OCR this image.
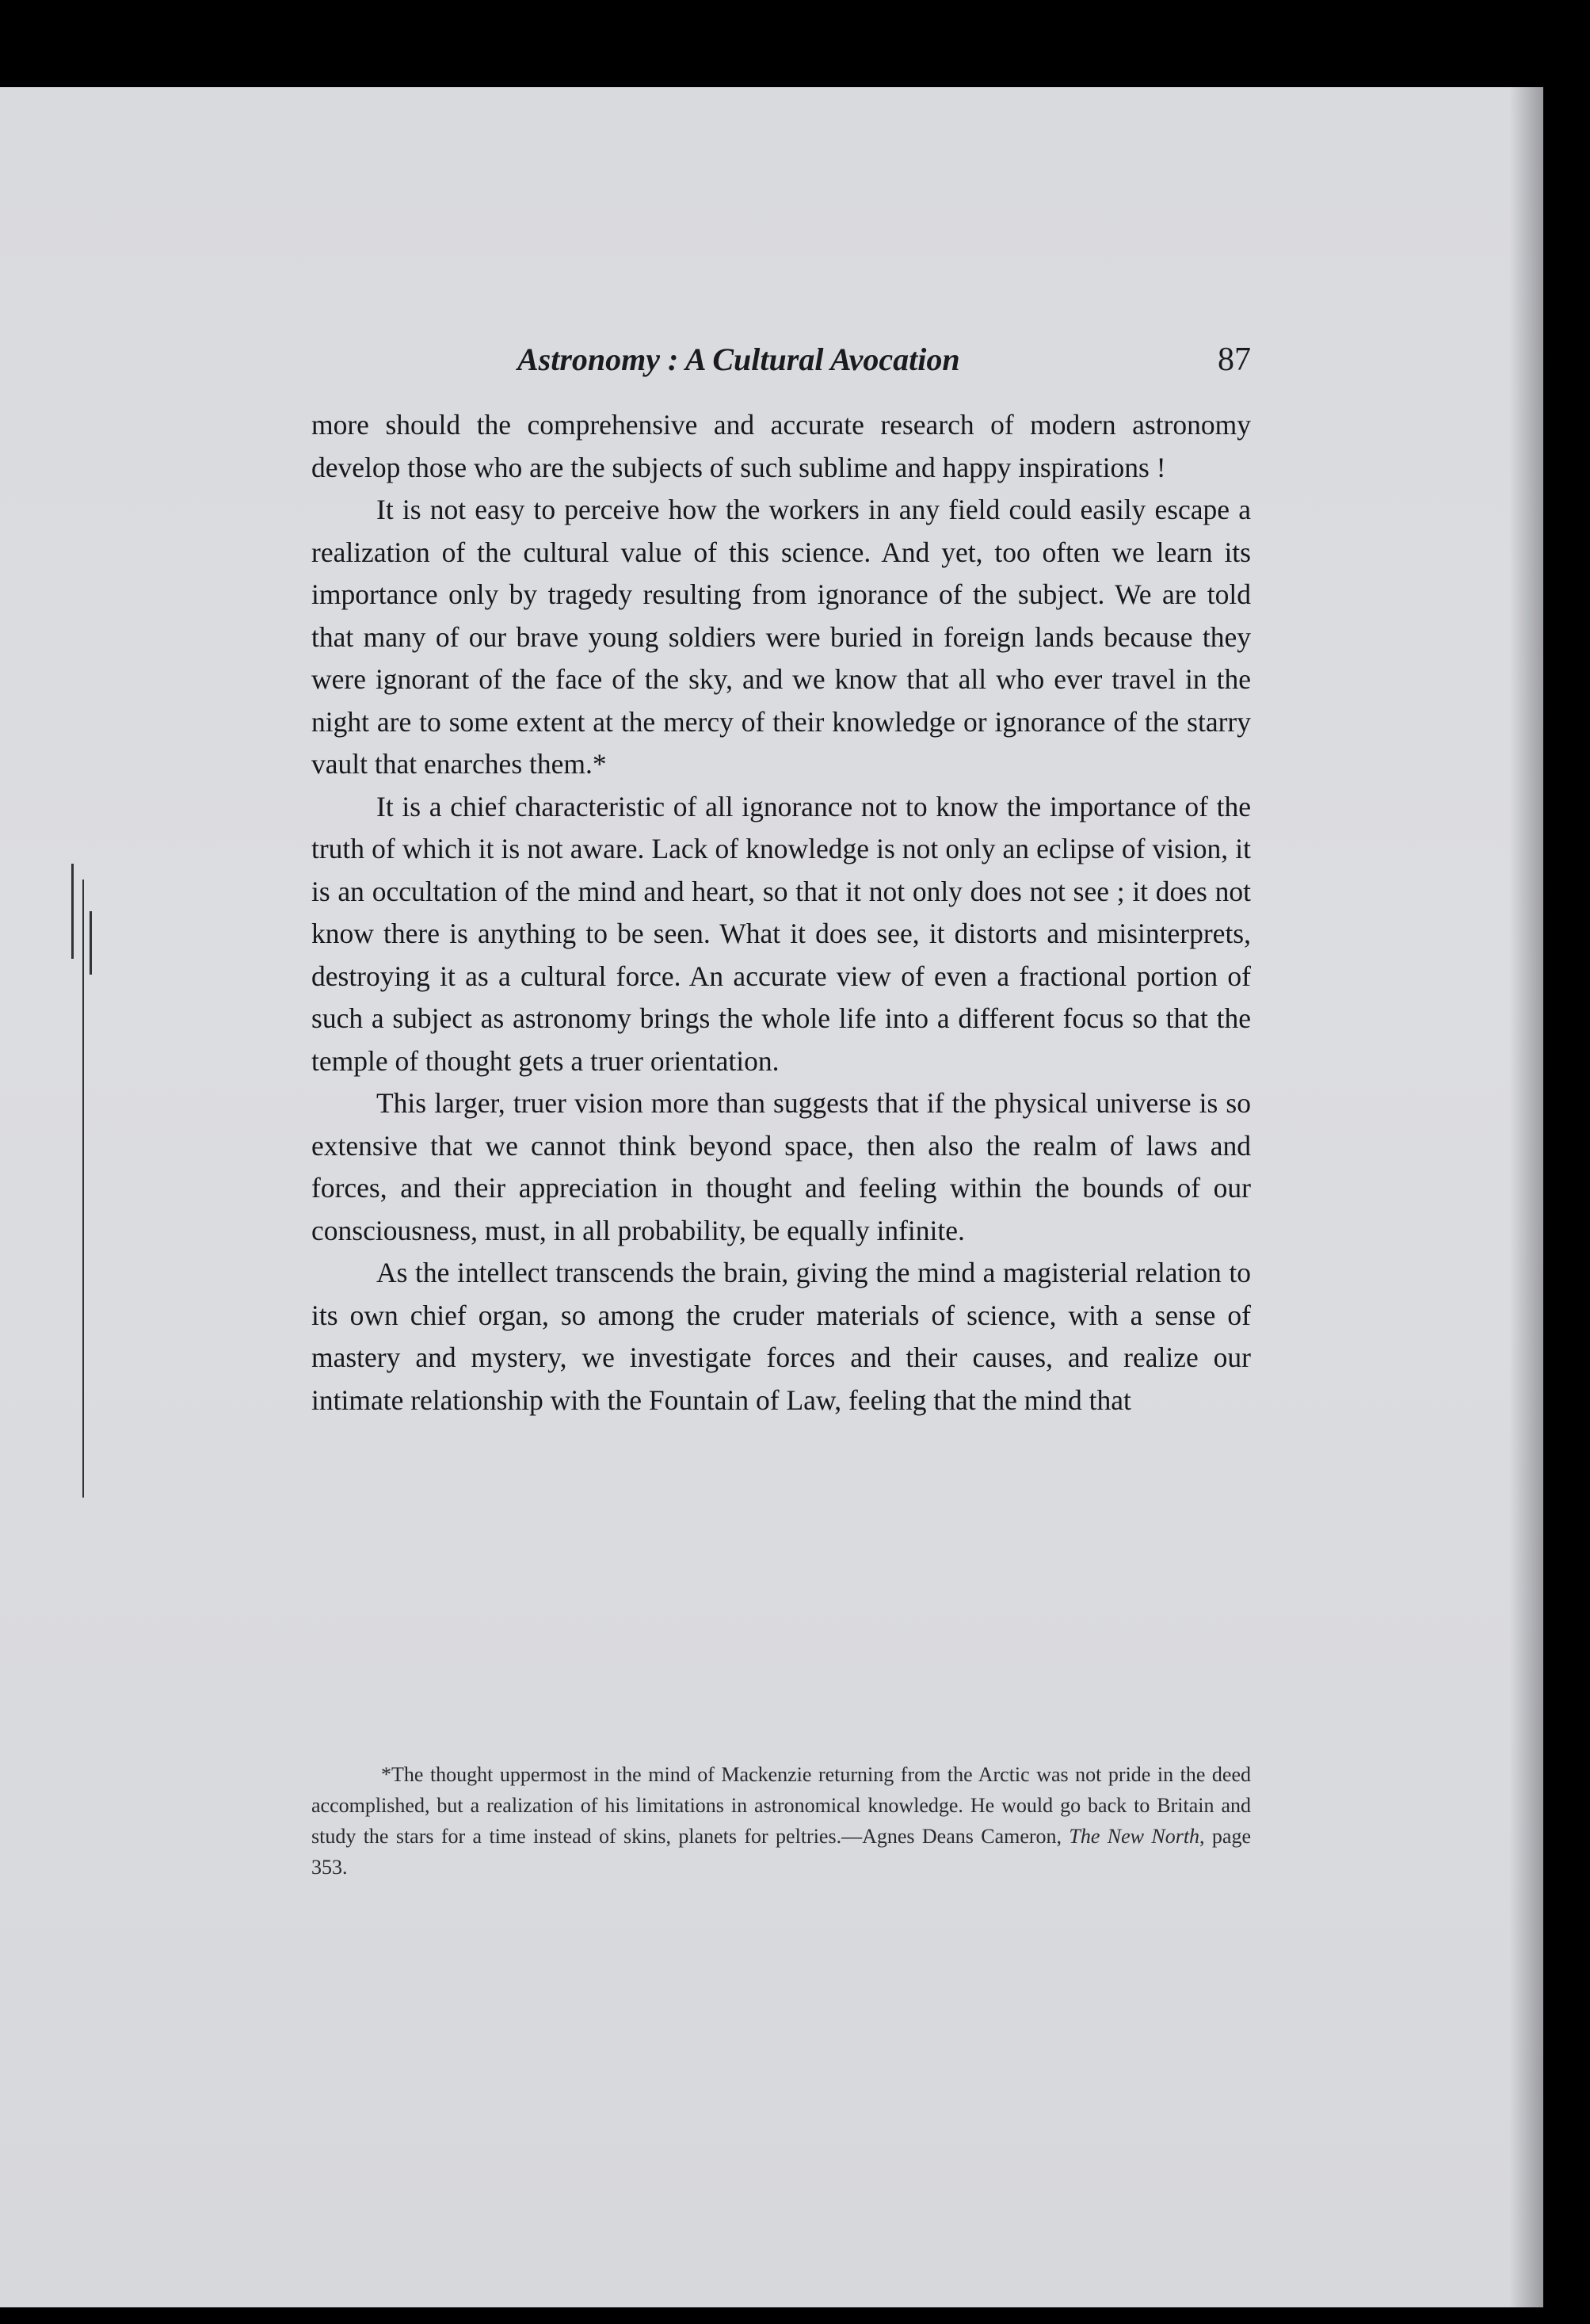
Astronomy : A Cultural Avocation	87

more should the comprehensive and accurate research of modern astronomy develop those who are the subjects of such sublime and happy inspirations !

It is not easy to perceive how the workers in any field could easily escape a realization of the cultural value of this science. And yet, too often we learn its importance only by tragedy resulting from ignorance of the subject. We are told that many of our brave young soldiers were buried in foreign lands because they were ignorant of the face of the sky, and we know that all who ever travel in the night are to some extent at the mercy of their knowledge or ignorance of the starry vault that enarches them.*

It is a chief characteristic of all ignorance not to know the importance of the truth of which it is not aware. Lack of knowledge is not only an eclipse of vision, it is an occultation of the mind and heart, so that it not only does not see ; it does not know there is anything to be seen. What it does see, it distorts and misinterprets, destroying it as a cultural force. An accurate view of even a fractional portion of such a subject as astronomy brings the whole life into a different focus so that the temple of thought gets a truer orientation.

This larger, truer vision more than suggests that if the physical universe is so extensive that we cannot think beyond space, then also the realm of laws and forces, and their appreciation in thought and feeling within the bounds of our consciousness, must, in all probability, be equally infinite.

As the intellect transcends the brain, giving the mind a magisterial relation to its own chief organ, so among the cruder materials of science, with a sense of mastery and mystery, we investigate forces and their causes, and realize our intimate relationship with the Fountain of Law, feeling that the mind that

*The thought uppermost in the mind of Mackenzie returning from the Arctic was not pride in the deed accomplished, but a realization of his limitations in astronomical knowledge. He would go back to Britain and study the stars for a time instead of skins, planets for peltries.—Agnes Deans Cameron, The New North, page 353.
